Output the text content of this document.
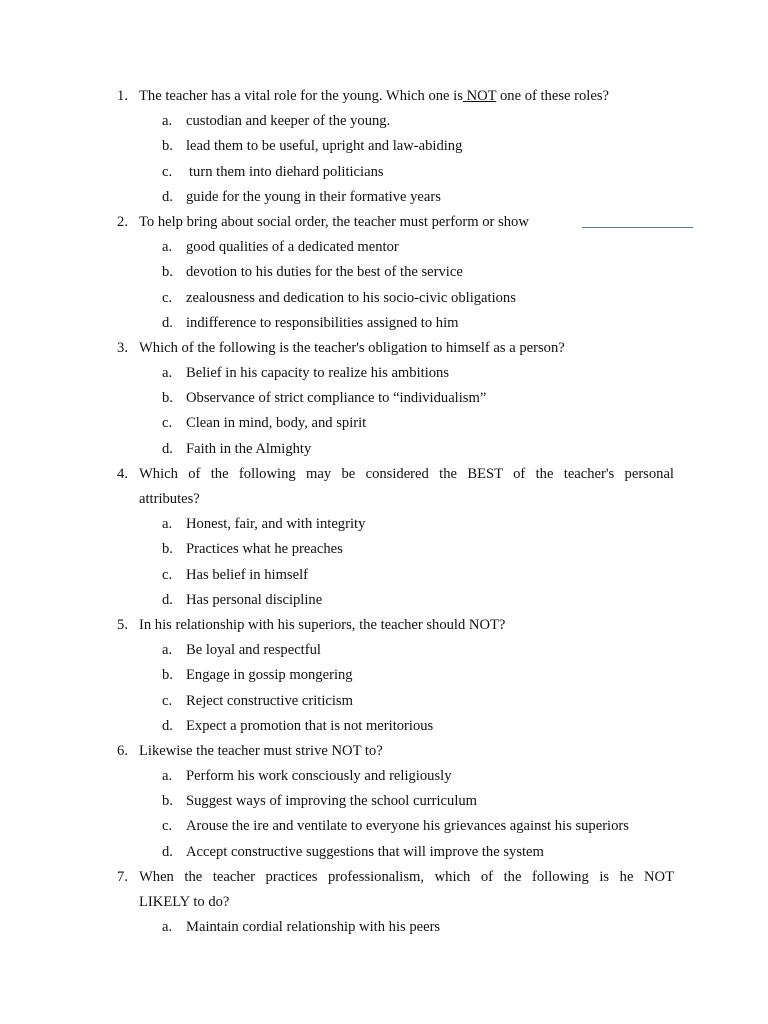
1. The teacher has a vital role for the young. Which one is NOT one of these roles?
a. custodian and keeper of the young.
b. lead them to be useful, upright and law-abiding
c. turn them into diehard politicians
d. guide for the young in their formative years
2. To help bring about social order, the teacher must perform or show
a. good qualities of a dedicated mentor
b. devotion to his duties for the best of the service
c. zealousness and dedication to his socio-civic obligations
d. indifference to responsibilities assigned to him
3. Which of the following is the teacher's obligation to himself as a person?
a. Belief in his capacity to realize his ambitions
b. Observance of strict compliance to “individualism”
c. Clean in mind, body, and spirit
d. Faith in the Almighty
4. Which of the following may be considered the BEST of the teacher's personal
attributes?
a. Honest, fair, and with integrity
b. Practices what he preaches
c. Has belief in himself
d. Has personal discipline
5. In his relationship with his superiors, the teacher should NOT?
a. Be loyal and respectful
b. Engage in gossip mongering
c. Reject constructive criticism
d. Expect a promotion that is not meritorious
6. Likewise the teacher must strive NOT to?
a. Perform his work consciously and religiously
b. Suggest ways of improving the school curriculum
c. Arouse the ire and ventilate to everyone his grievances against his superiors
d. Accept constructive suggestions that will improve the system
7. When the teacher practices professionalism, which of the following is he NOT
LIKELY to do?
a. Maintain cordial relationship with his peers
